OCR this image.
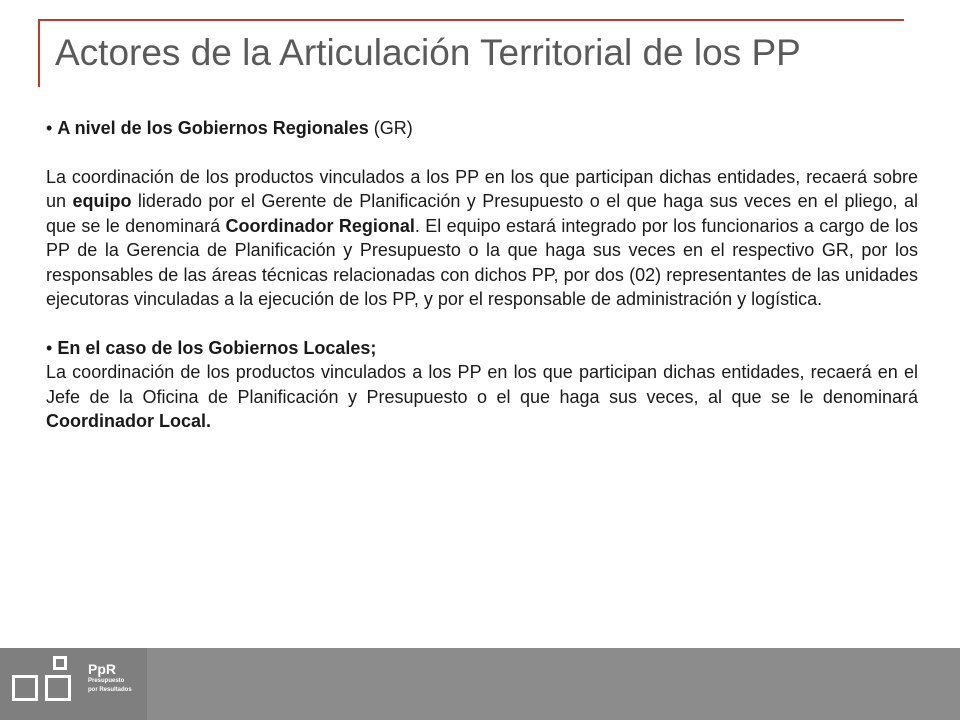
Actores de la Articulación Territorial de los PP

• A nivel de los Gobiernos Regionales (GR)

La coordinación de los productos vinculados a los PP en los que participan dichas entidades, recaerá sobre un equipo liderado por el Gerente de Planificación y Presupuesto o el que haga sus veces en el pliego, al que se le denominará Coordinador Regional. El equipo estará integrado por los funcionarios a cargo de los PP de la Gerencia de Planificación y Presupuesto o la que haga sus veces en el respectivo GR, por los responsables de las áreas técnicas relacionadas con dichos PP, por dos (02) representantes de las unidades ejecutoras vinculadas a la ejecución de los PP, y por el responsable de administración y logística.

• En el caso de los Gobiernos Locales;

La coordinación de los productos vinculados a los PP en los que participan dichas entidades, recaerá en el Jefe de la Oficina de Planificación y Presupuesto o el que haga sus veces, al que se le denominará Coordinador Local.

PpR
Presupuesto
por Resultados
